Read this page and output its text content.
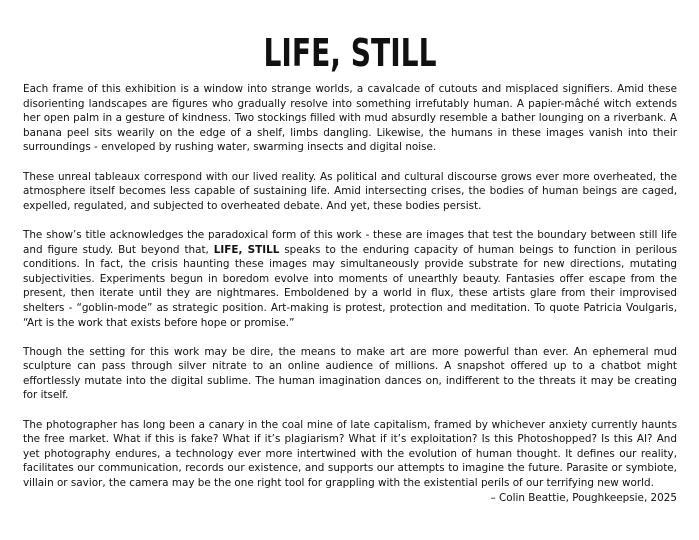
LIFE, STILL

Each frame of this exhibition is a window into strange worlds, a cavalcade of cutouts and misplaced signifiers. Amid these disorienting landscapes are figures who gradually resolve into something irrefutably human. A papier-mâché witch extends her open palm in a gesture of kindness. Two stockings filled with mud absurdly resemble a bather lounging on a riverbank. A banana peel sits wearily on the edge of a shelf, limbs dangling. Likewise, the humans in these images vanish into their surroundings - enveloped by rushing water, swarming insects and digital noise.

These unreal tableaux correspond with our lived reality. As political and cultural discourse grows ever more overheated, the atmosphere itself becomes less capable of sustaining life. Amid intersecting crises, the bodies of human beings are caged, expelled, regulated, and subjected to overheated debate. And yet, these bodies persist.

The show’s title acknowledges the paradoxical form of this work - these are images that test the boundary between still life and figure study. But beyond that, LIFE, STILL speaks to the enduring capacity of human beings to function in perilous conditions. In fact, the crisis haunting these images may simultaneously provide substrate for new directions, mutating subjectivities. Experiments begun in boredom evolve into moments of unearthly beauty. Fantasies offer escape from the present, then iterate until they are nightmares. Emboldened by a world in flux, these artists glare from their improvised shelters - “goblin-mode” as strategic position. Art-making is protest, protection and meditation. To quote Patricia Voulgaris, “Art is the work that exists before hope or promise.”

Though the setting for this work may be dire, the means to make art are more powerful than ever. An ephemeral mud sculpture can pass through silver nitrate to an online audience of millions. A snapshot offered up to a chatbot might effortlessly mutate into the digital sublime. The human imagination dances on, indifferent to the threats it may be creating for itself.

The photographer has long been a canary in the coal mine of late capitalism, framed by whichever anxiety currently haunts the free market. What if this is fake? What if it’s plagiarism? What if it’s exploitation? Is this Photoshopped? Is this AI? And yet photography endures, a technology ever more intertwined with the evolution of human thought. It defines our reality, facilitates our communication, records our existence, and supports our attempts to imagine the future. Parasite or symbiote, villain or savior, the camera may be the one right tool for grappling with the existential perils of our terrifying new world.

– Colin Beattie, Poughkeepsie, 2025
